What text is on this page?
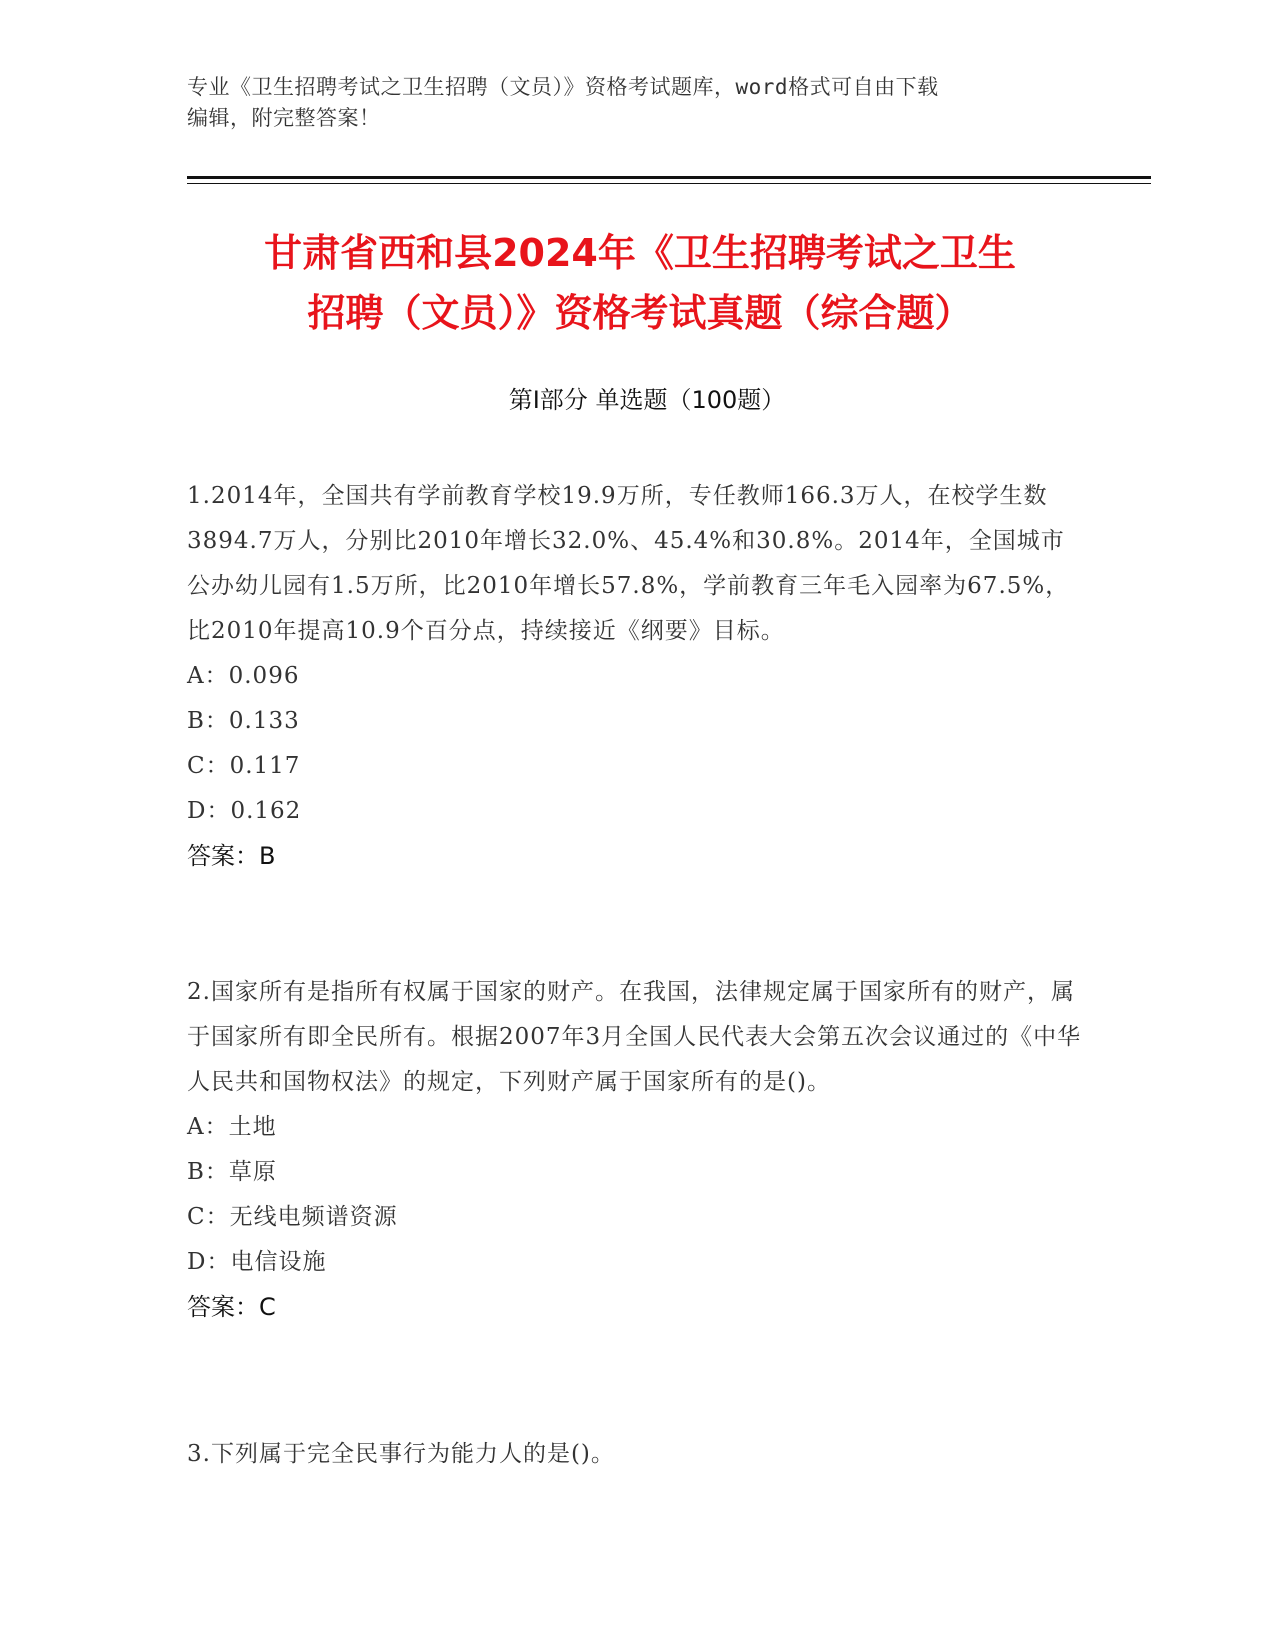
专业《卫生招聘考试之卫生招聘（文员）》资格考试题库，word格式可自由下载
编辑，附完整答案！
甘肃省西和县2024年《卫生招聘考试之卫生
招聘（文员）》资格考试真题（综合题）
第Ⅰ部分 单选题（100题）

1.2014年，全国共有学前教育学校19.9万所，专任教师166.3万人，在校学生数3894.7万人，分别比2010年增长32.0%、45.4%和30.8%。2014年，全国城市公办幼儿园有1.5万所，比2010年增长57.8%，学前教育三年毛入园率为67.5%，比2010年提高10.9个百分点，持续接近《纲要》目标。

A：0.096
B：0.133
C：0.117
D：0.162
答案：B

2.国家所有是指所有权属于国家的财产。在我国，法律规定属于国家所有的财产，属于国家所有即全民所有。根据2007年3月全国人民代表大会第五次会议通过的《中华人民共和国物权法》的规定，下列财产属于国家所有的是()。

A：土地
B：草原
C：无线电频谱资源
D：电信设施
答案：C

3.下列属于完全民事行为能力人的是()。
